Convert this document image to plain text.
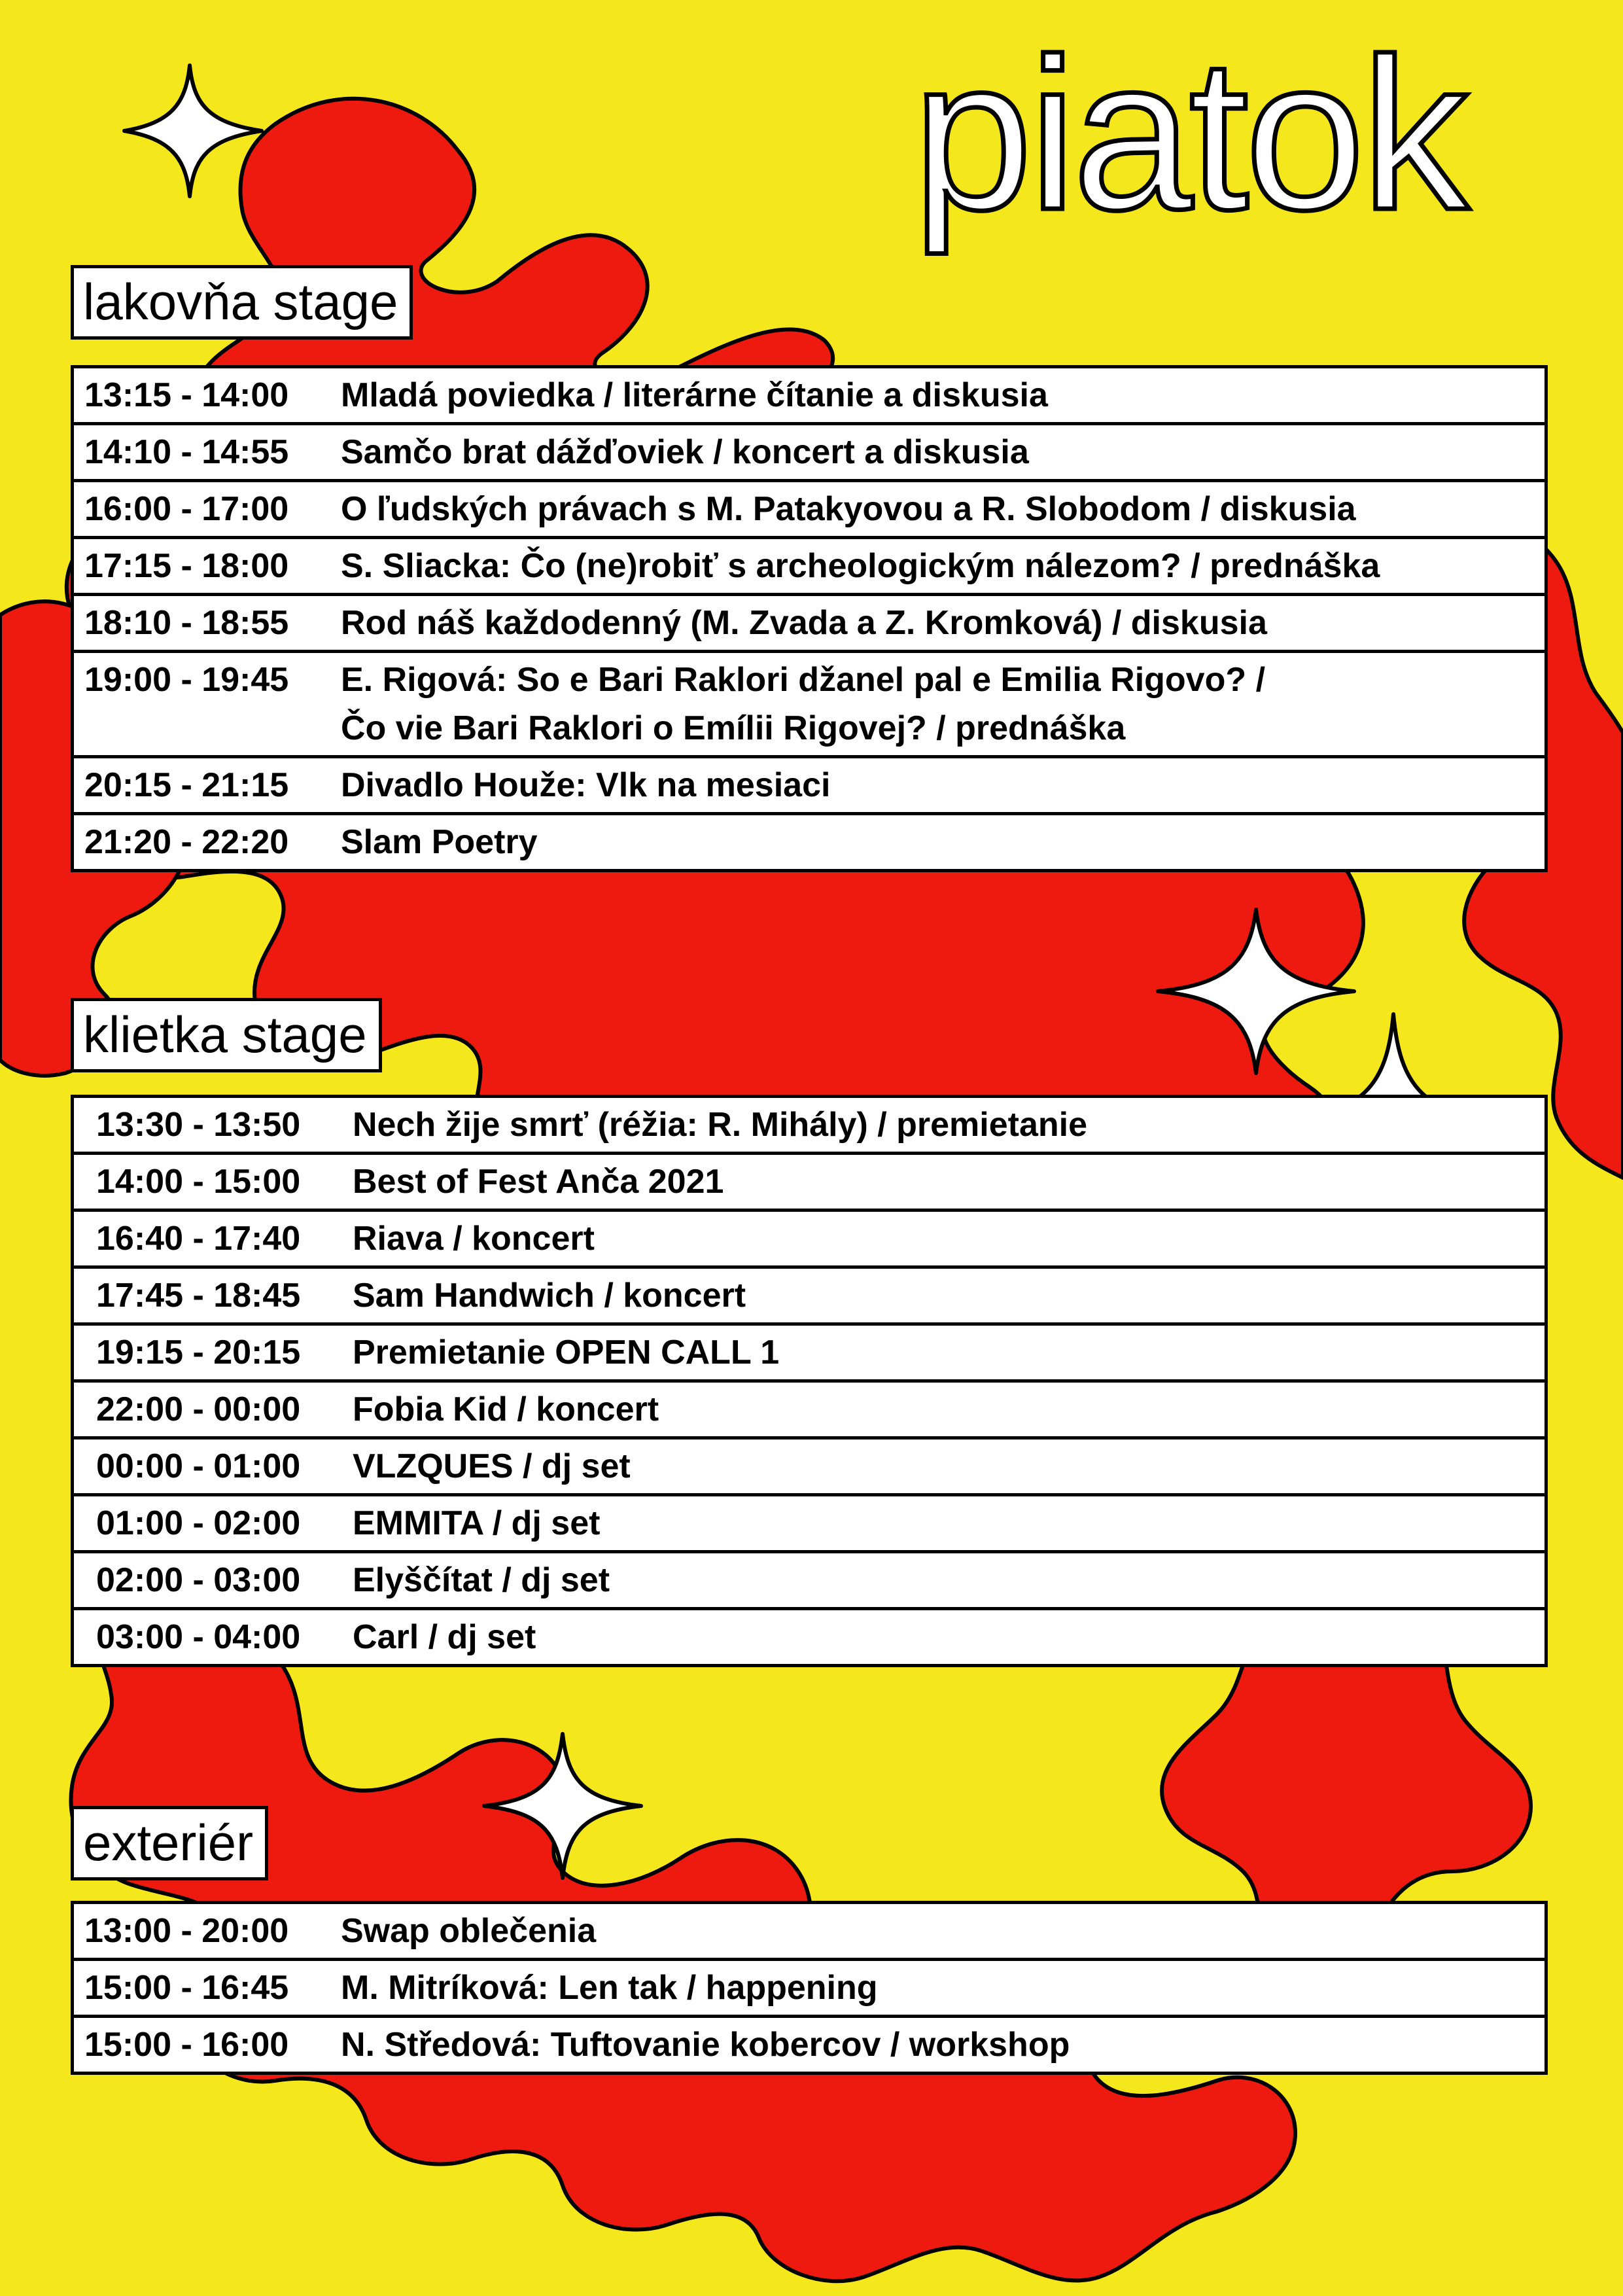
piatok
lakovňa stage
13:15 - 14:00	Mladá poviedka / literárne čítanie a diskusia
14:10 - 14:55	Samčo brat dážďoviek / koncert a diskusia
16:00 - 17:00	O ľudských právach s M. Patakyovou a R. Slobodom / diskusia
17:15 - 18:00	S. Sliacka: Čo (ne)robiť s archeologickým nálezom? / prednáška
18:10 - 18:55	Rod náš každodenný (M. Zvada a Z. Kromková) / diskusia
19:00 - 19:45	E. Rigová: So e Bari Raklori džanel pal e Emilia Rigovo? /
Čo vie Bari Raklori o Emílii Rigovej? / prednáška
20:15 - 21:15	Divadlo Houže: Vlk na mesiaci
21:20 - 22:20	Slam Poetry
klietka stage
13:30 - 13:50	Nech žije smrť (réžia: R. Mihály) / premietanie
14:00 - 15:00	Best of Fest Anča 2021
16:40 - 17:40	Riava / koncert
17:45 - 18:45	Sam Handwich / koncert
19:15 - 20:15	Premietanie OPEN CALL 1
22:00 - 00:00	Fobia Kid / koncert
00:00 - 01:00	VLZQUES / dj set
01:00 - 02:00	EMMITA / dj set
02:00 - 03:00	Elyščítat / dj set
03:00 - 04:00	Carl / dj set
exteriér
13:00 - 20:00	Swap oblečenia
15:00 - 16:45	M. Mitríková: Len tak / happening
15:00 - 16:00	N. Středová: Tuftovanie kobercov / workshop
